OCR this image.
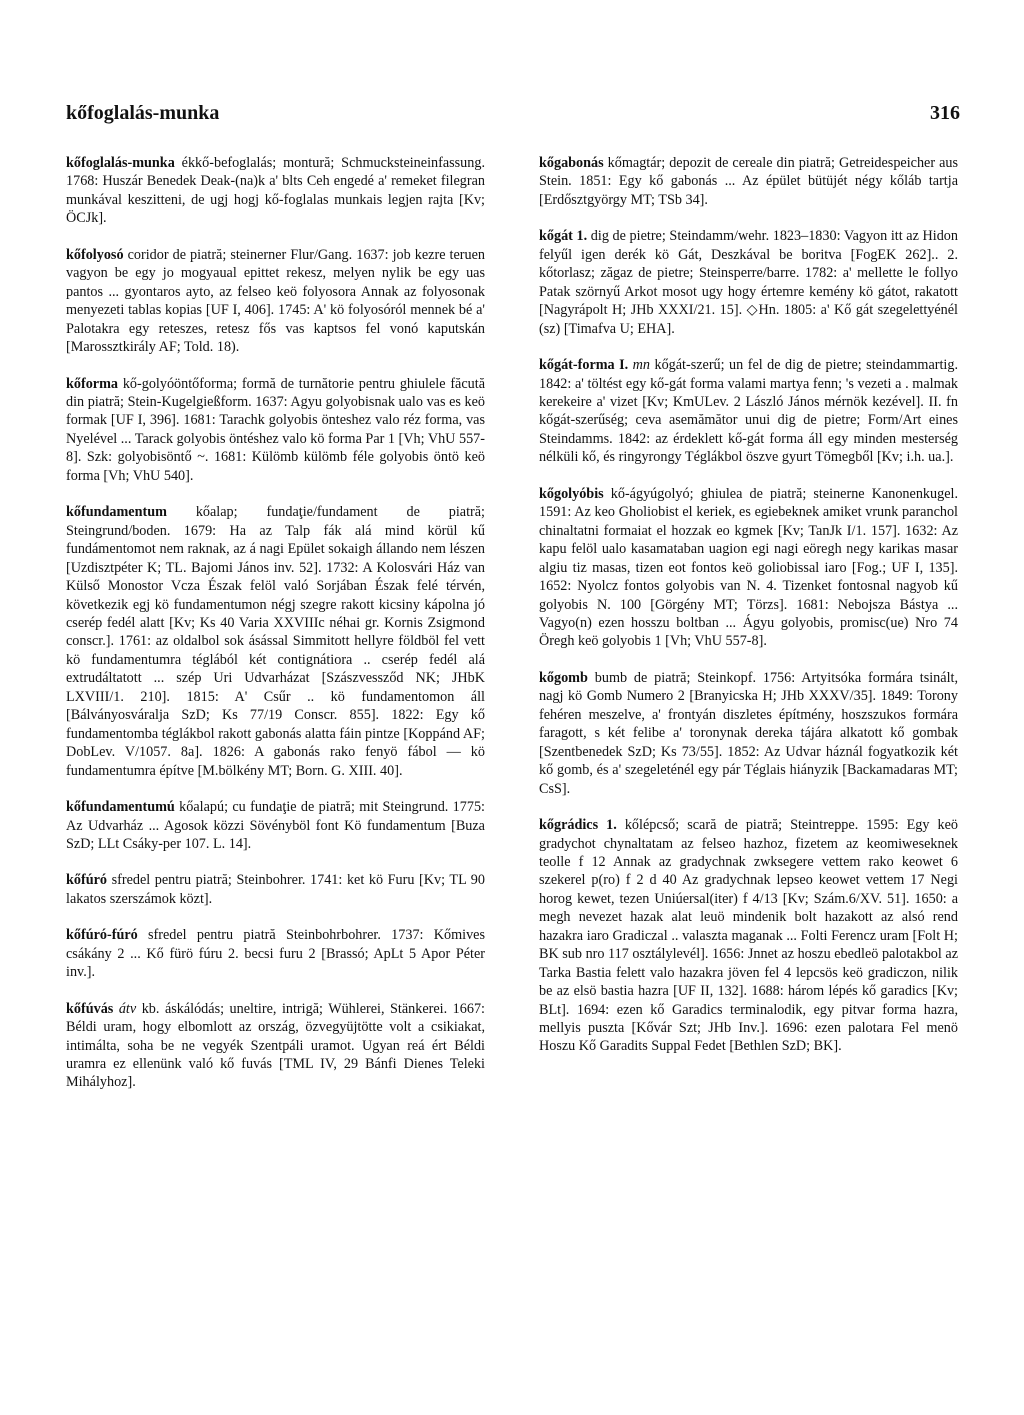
kőfoglalás-munka	316

kőfoglalás-munka ékkő-befoglalás; montură; Schmucksteineinfassung. 1768: Huszár Benedek Deak-(na)k a' blts Ceh engedé a' remeket filegran munkával keszitteni, de ugj hogj kő-foglalas munkais legjen rajta [Kv; ÖCJk].

kőfolyosó coridor de piatră; steinerner Flur/Gang. 1637: job kezre teruen vagyon be egy jo mogyaual epittet rekesz, melyen nylik be egy uas pantos ... gyontaros ayto, az felseo keö folyosora Annak az folyosonak menyezeti tablas kopias [UF I, 406]. 1745: A' kö folyosóról mennek bé a' Palotakra egy reteszes, retesz fős vas kaptsos fel vonó kaputskán [Marossztkirály AF; Told. 18).

kőforma kő-golyóöntőforma; formă de turnătorie pentru ghiulele făcută din piatră; Stein-Kugelgießform. 1637: Agyu golyobisnak ualo vas es keö formak [UF I, 396]. 1681: Tarachk golyobis önteshez valo réz forma, vas Nyelével ... Tarack golyobis öntéshez valo kö forma Par 1 [Vh; VhU 557-8]. Szk: golyobisöntő ~. 1681: Külömb külömb féle golyobis öntö keö forma [Vh; VhU 540].

kőfundamentum kőalap; fundaţie/fundament de piatră; Steingrund/boden. 1679: Ha az Talp fák alá mind körül kű fundámentomot nem raknak, az á nagi Epület sokaigh állando nem lészen [Uzdisztpéter K; TL. Bajomi János inv. 52]. 1732: A Kolosvári Ház van Külső Monostor Vcza Észak felöl való Sorjában Észak felé térvén, következik egj kö fundamentumon négj szegre rakott kicsiny kápolna jó cserép fedél alatt [Kv; Ks 40 Varia XXVIIIc néhai gr. Kornis Zsigmond conscr.]. 1761: az oldalbol sok ásással Simmitott hellyre földböl fel vett kö fundamentumra téglából két contignátiora .. cserép fedél alá extrudáltatott ... szép Uri Udvarházat [Szászvessződ NK; JHbK LXVIII/1. 210]. 1815: A' Csűr .. kö fundamentomon áll [Bálványosváralja SzD; Ks 77/19 Conscr. 855]. 1822: Egy kő fundamentomba téglákbol rakott gabonás alatta fáin pintze [Koppánd AF; DobLev. V/1057. 8a]. 1826: A gabonás rako fenyö fábol — kö fundamentumra építve [M.bölkény MT; Born. G. XIII. 40].

kőfundamentumú kőalapú; cu fundaţie de piatră; mit Steingrund. 1775: Az Udvarház ... Agosok közzi Sövényböl font Kö fundamentum [Buza SzD; LLt Csáky-per 107. L. 14].

kőfúró sfredel pentru piatră; Steinbohrer. 1741: ket kö Furu [Kv; TL 90 lakatos szerszámok közt].

kőfúró-fúró sfredel pentru piatră Steinbohrbohrer. 1737: Kőmives csákány 2 ... Kő fürö fúru 2. becsi furu 2 [Brassó; ApLt 5 Apor Péter inv.].

kőfúvás átv kb. áskálódás; uneltire, intrigă; Wühlerei, Stänkerei. 1667: Béldi uram, hogy elbomlott az ország, özvegyüjtötte volt a csikiakat, intimálta, soha be ne vegyék Szentpáli uramot. Ugyan reá ért Béldi uramra ez ellenünk való kő fuvás [TML IV, 29 Bánfi Dienes Teleki Mihályhoz].

kőgabonás kőmagtár; depozit de cereale din piatră; Getreidespeicher aus Stein. 1851: Egy kő gabonás ... Az épület bütüjét négy kőláb tartja [Erdősztgyörgy MT; TSb 34].

kőgát 1. dig de pietre; Steindamm/wehr. 1823–1830: Vagyon itt az Hidon felyűl igen derék kö Gát, Deszkával be boritva [FogEK 262].. 2. kőtorlasz; zăgaz de pietre; Steinsperre/barre. 1782: a' mellette le follyo Patak szörnyű Arkot mosot ugy hogy értemre kemény kö gátot, rakatott [Nagyrápolt H; JHb XXXI/21. 15]. ◇Hn. 1805: a' Kő gát szegelettyénél (sz) [Timafva U; EHA].

kőgát-forma I. mn kőgát-szerű; un fel de dig de pietre; steindammartig. 1842: a' töltést egy kő-gát forma valami martya fenn; 's vezeti a . malmak kerekeire a' vizet [Kv; KmULev. 2 László János mérnök kezével]. II. fn kőgát-szerűség; ceva asemămător unui dig de pietre; Form/Art eines Steindamms. 1842: az érdeklett kő-gát forma áll egy minden mesterség nélküli kő, és ringyrongy Téglákbol öszve gyurt Tömegből [Kv; i.h. ua.].

kőgolyóbis kő-ágyúgolyó; ghiulea de piatră; steinerne Kanonenkugel. 1591: Az keo Gholiobist el keriek, es egiebeknek amiket vrunk paranchol chinaltatni formaiat el hozzak eo kgmek [Kv; TanJk I/1. 157]. 1632: Az kapu felöl ualo kasamataban uagion egi nagi eöregh negy karikas masar algiu tiz masas, tizen eot fontos keö goliobissal iaro [Fog.; UF I, 135]. 1652: Nyolcz fontos golyobis van N. 4. Tizenket fontosnal nagyob kű golyobis N. 100 [Görgény MT; Törzs]. 1681: Nebojsza Bástya ... Vagyo(n) ezen hosszu boltban ... Ágyu golyobis, promisc(ue) Nro 74 Öregh keö golyobis 1 [Vh; VhU 557-8].

kőgomb bumb de piatră; Steinkopf. 1756: Artyitsóka formára tsinált, nagj kö Gomb Numero 2 [Branyicska H; JHb XXXV/35]. 1849: Torony fehéren meszelve, a' frontyán diszletes építmény, hoszszukos formára faragott, s két felibe a' toronynak dereka tájára alkatott kő gombak [Szentbenedek SzD; Ks 73/55]. 1852: Az Udvar háznál fogyatkozik két kő gomb, és a' szegeleténél egy pár Téglais hiányzik [Backamadaras MT; CsS].

kőgrádics 1. kőlépcső; scară de piatră; Steintreppe. 1595: Egy keö gradychot chynaltatam az felseo hazhoz, fizetem az keomiweseknek teolle f 12 Annak az gradychnak zwksegere vettem rako keowet 6 szekerel p(ro) f 2 d 40 Az gradychnak lepseo keowet vettem 17 Negi horog kewet, tezen Uniúersal(iter) f 4/13 [Kv; Szám.6/XV. 51]. 1650: a megh nevezet hazak alat leuö mindenik bolt hazakott az alsó rend hazakra iaro Gradiczal .. valaszta maganak ... Folti Ferencz uram [Folt H; BK sub nro 117 osztálylevél]. 1656: Jnnet az hoszu ebedleö palotakbol az Tarka Bastia felett valo hazakra jöven fel 4 lepcsös keö gradiczon, nilik be az elsö bastia hazra [UF II, 132]. 1688: három lépés kő garadics [Kv; BLt]. 1694: ezen kő Garadics terminalodik, egy pitvar forma hazra, mellyis puszta [Kővár Szt; JHb Inv.]. 1696: ezen palotara Fel menö Hoszu Kő Garadits Suppal Fedet [Bethlen SzD; BK].
